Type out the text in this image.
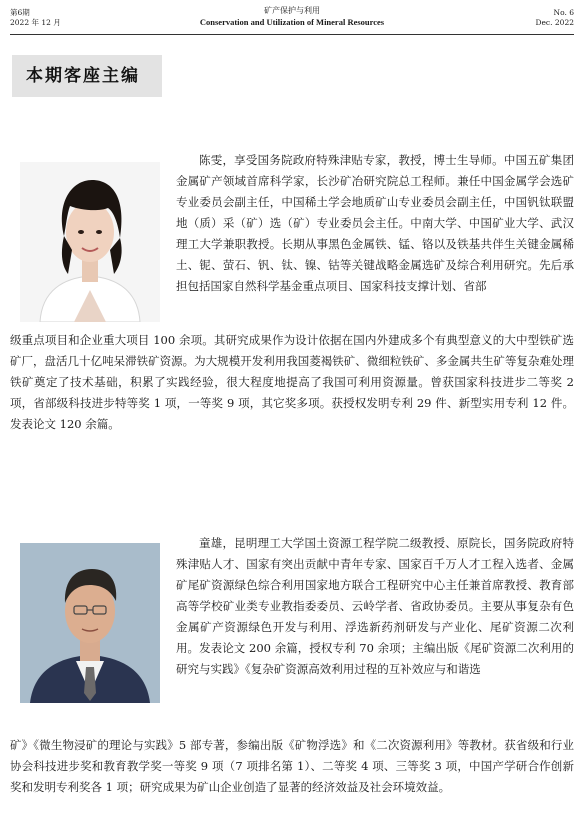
第6期
2022 年 12 月
矿产保护与利用
Conservation and Utilization of Mineral Resources
No. 6
Dec. 2022
本期客座主编

陈雯，享受国务院政府特殊津贴专家，教授，博士生导师。中国五矿集团金属矿产领域首席科学家，长沙矿冶研究院总工程师。兼任中国金属学会选矿专业委员会副主任，中国稀土学会地质矿山专业委员会副主任，中国钒钛联盟地（质）采（矿）选（矿）专业委员会主任。中南大学、中国矿业大学、武汉理工大学兼职教授。长期从事黑色金属铁、锰、铬以及铁基共伴生关键金属稀土、铌、萤石、钒、钛、镍、钴等关键战略金属选矿及综合利用研究。先后承担包括国家自然科学基金重点项目、国家科技支撑计划、省部

级重点项目和企业重大项目 100 余项。其研究成果作为设计依据在国内外建成多个有典型意义的大中型铁矿选矿厂，盘活几十亿吨呆滞铁矿资源。为大规模开发利用我国菱褐铁矿、微细粒铁矿、多金属共生矿等复杂难处理铁矿奠定了技术基础，积累了实践经验，很大程度地提高了我国可利用资源量。曾获国家科技进步二等奖 2 项，省部级科技进步特等奖 1 项，一等奖 9 项，其它奖多项。获授权发明专利 29 件、新型实用专利 12 件。发表论文 120 余篇。

童雄，昆明理工大学国土资源工程学院二级教授、原院长，国务院政府特殊津贴人才、国家有突出贡献中青年专家、国家百千万人才工程入选者、金属矿尾矿资源绿色综合利用国家地方联合工程研究中心主任兼首席教授、教育部高等学校矿业类专业教指委委员、云岭学者、省政协委员。主要从事复杂有色金属矿产资源绿色开发与利用、浮选新药剂研发与产业化、尾矿资源二次利用。发表论文 200 余篇，授权专利 70 余项；主编出版《尾矿资源二次利用的研究与实践》《复杂矿资源高效利用过程的互补效应与和谐选

矿》《微生物浸矿的理论与实践》5 部专著，参编出版《矿物浮选》和《二次资源利用》等教材。获省级和行业协会科技进步奖和教育教学奖一等奖 9 项（7 项排名第 1）、二等奖 4 项、三等奖 3 项，中国产学研合作创新奖和发明专利奖各 1 项；研究成果为矿山企业创造了显著的经济效益及社会环境效益。
